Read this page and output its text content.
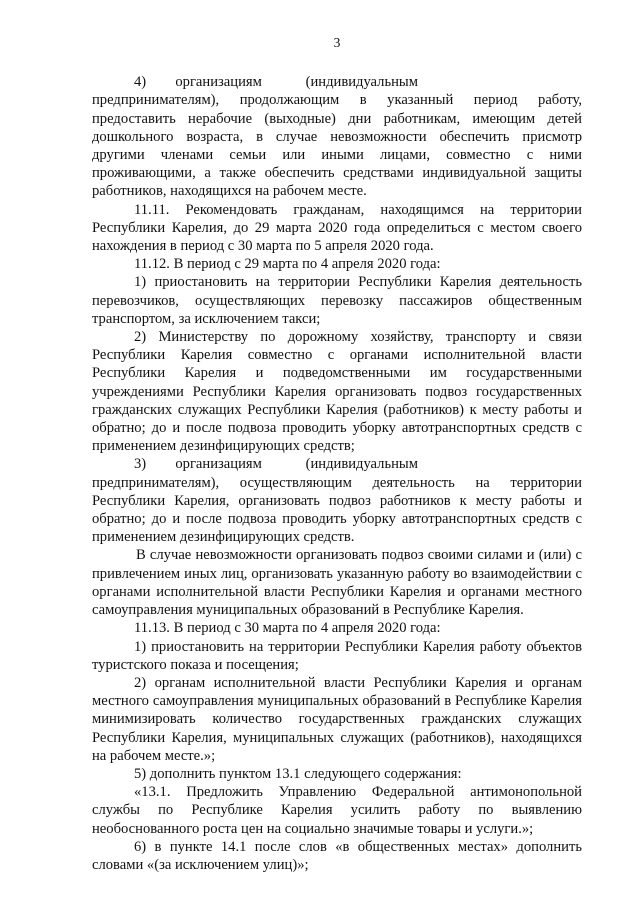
3

4)  организациям   (индивидуальным    предпринимателям), продолжающим в указанный период работу, предоставить нерабочие (выходные) дни работникам, имеющим детей дошкольного возраста, в случае невозможности обеспечить присмотр другими членами семьи или иными лицами, совместно с ними проживающими, а также обеспечить средствами индивидуальной защиты работников, находящихся на рабочем месте.

11.11. Рекомендовать гражданам, находящимся на территории Республики Карелия, до 29 марта 2020 года определиться с местом своего нахождения в период с 30 марта по 5 апреля 2020 года.

11.12. В период с 29 марта по 4 апреля 2020 года:

1) приостановить на территории Республики Карелия деятельность перевозчиков, осуществляющих перевозку пассажиров общественным транспортом, за исключением такси;

2) Министерству по дорожному хозяйству, транспорту и связи Республики Карелия совместно с органами исполнительной власти Республики Карелия и подведомственными им государственными учреждениями Республики Карелия организовать подвоз государственных гражданских служащих Республики Карелия (работников) к месту работы и обратно; до и после подвоза проводить уборку автотранспортных средств с применением дезинфицирующих средств;

3)  организациям   (индивидуальным    предпринимателям), осуществляющим деятельность на территории Республики Карелия, организовать подвоз работников к месту работы и обратно; до и после подвоза проводить уборку автотранспортных средств с применением дезинфицирующих средств.

В случае невозможности организовать подвоз своими силами и (или) с привлечением иных лиц, организовать указанную работу во взаимодействии с органами исполнительной власти Республики Карелия и органами местного самоуправления муниципальных образований в Республике Карелия.

11.13. В период с 30 марта по 4 апреля 2020 года:

1) приостановить на территории Республики Карелия работу объектов туристского показа и посещения;

2) органам исполнительной власти Республики Карелия и органам местного самоуправления муниципальных образований в Республике Карелия минимизировать количество государственных гражданских служащих Республики Карелия, муниципальных служащих (работников), находящихся на рабочем месте.»;

5) дополнить пунктом 13.1 следующего содержания:

«13.1. Предложить Управлению Федеральной антимонопольной службы по Республике Карелия усилить работу по выявлению необоснованного роста цен на социально значимые товары и услуги.»;

6) в пункте 14.1 после слов «в общественных местах» дополнить словами «(за исключением улиц)»;
